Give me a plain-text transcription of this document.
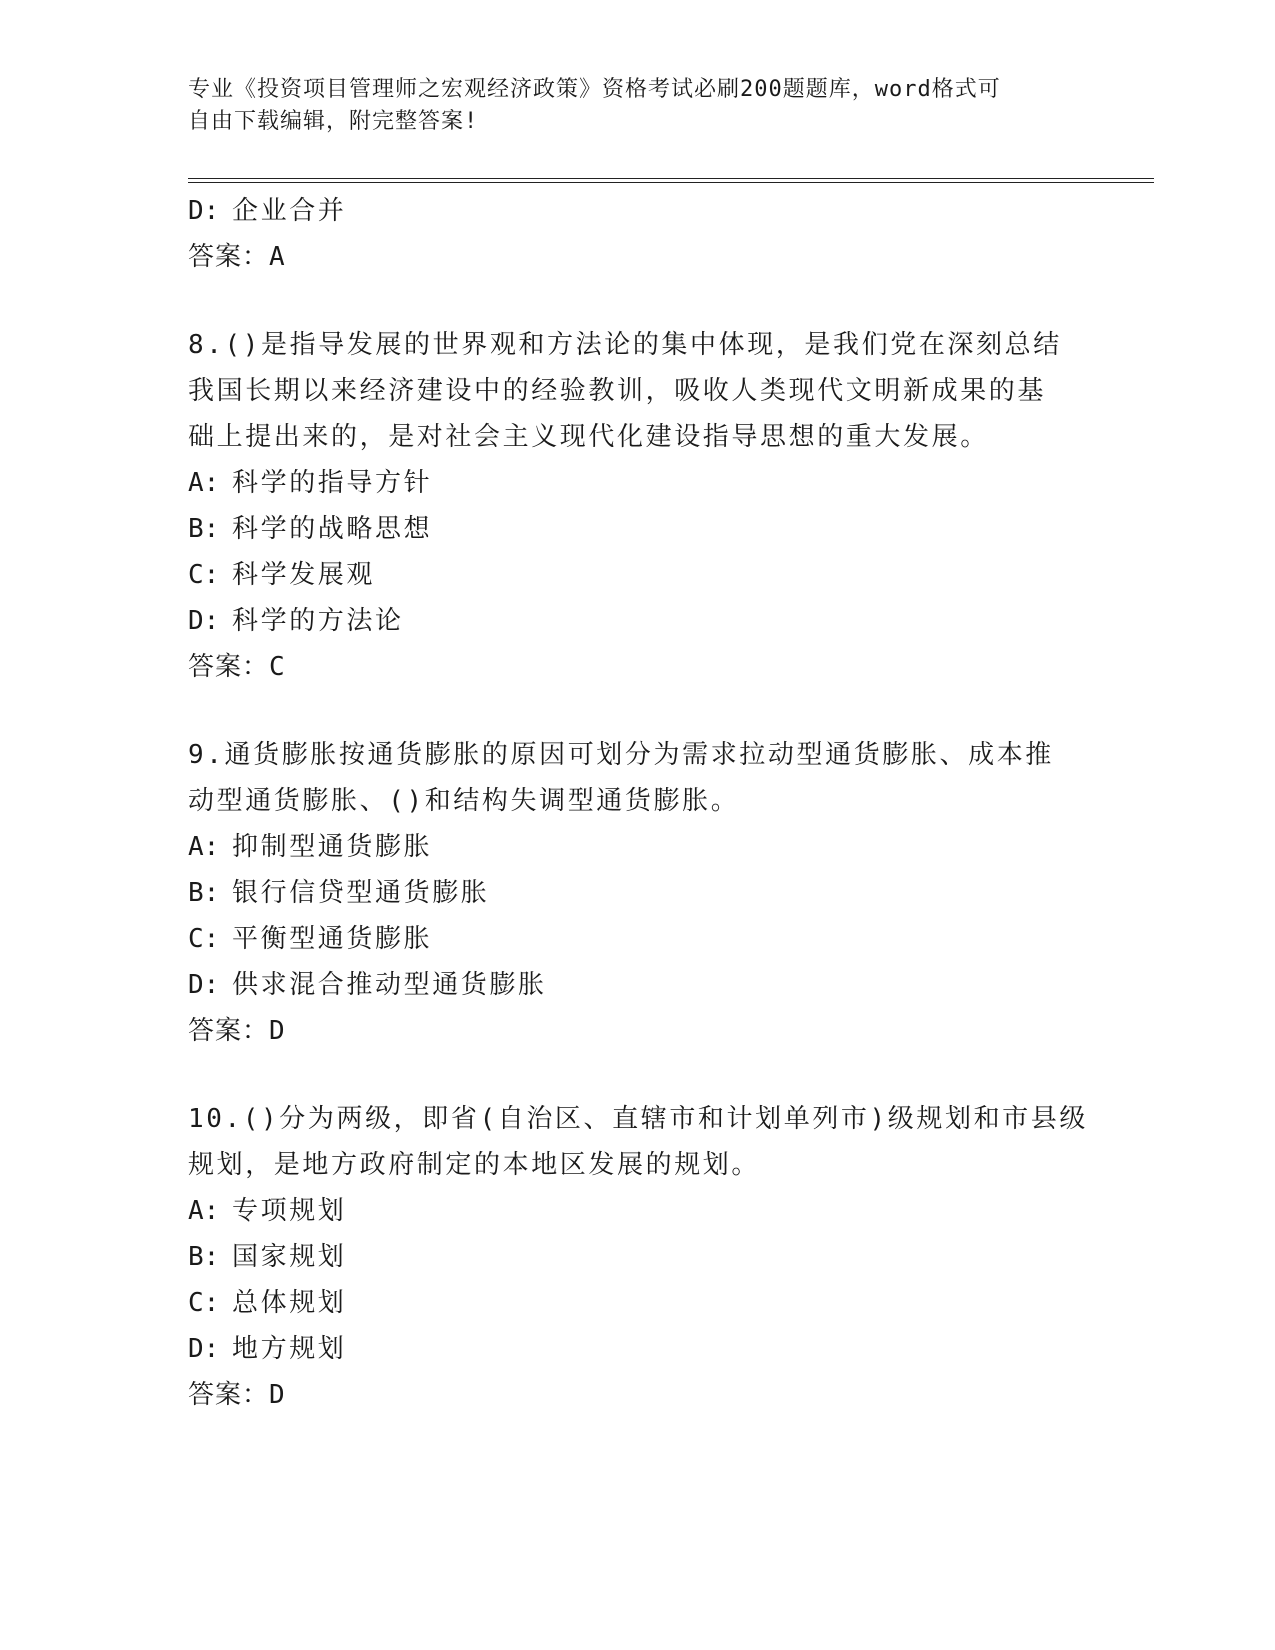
专业《投资项目管理师之宏观经济政策》资格考试必刷200题题库，word格式可
自由下载编辑，附完整答案!
D: 企业合并
答案：A
8.()是指导发展的世界观和方法论的集中体现，是我们党在深刻总结
我国长期以来经济建设中的经验教训，吸收人类现代文明新成果的基
础上提出来的，是对社会主义现代化建设指导思想的重大发展。
A: 科学的指导方针
B: 科学的战略思想
C: 科学发展观
D: 科学的方法论
答案：C
9.通货膨胀按通货膨胀的原因可划分为需求拉动型通货膨胀、成本推
动型通货膨胀、()和结构失调型通货膨胀。
A: 抑制型通货膨胀
B: 银行信贷型通货膨胀
C: 平衡型通货膨胀
D: 供求混合推动型通货膨胀
答案：D
10.()分为两级，即省(自治区、直辖市和计划单列市)级规划和市县级
规划，是地方政府制定的本地区发展的规划。
A: 专项规划
B: 国家规划
C: 总体规划
D: 地方规划
答案：D
